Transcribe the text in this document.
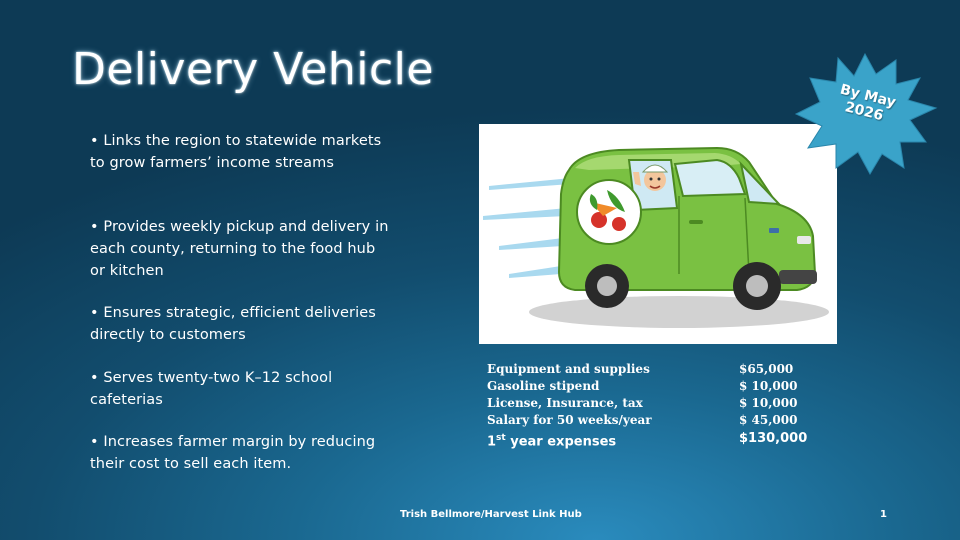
Delivery Vehicle
• Links the region to statewide markets to grow farmers’ income streams
• Provides weekly pickup and delivery in each county, returning to the food hub or kitchen
• Ensures strategic, efficient deliveries directly to customers
• Serves twenty-two K–12 school cafeterias
• Increases farmer margin by reducing their cost to sell each item.
By May 2026
Equipment and supplies	$65,000
Gasoline stipend	$ 10,000
License, Insurance, tax	$ 10,000
Salary for 50 weeks/year	$ 45,000
1st year expenses	$130,000
Trish Bellmore/Harvest Link Hub	1
